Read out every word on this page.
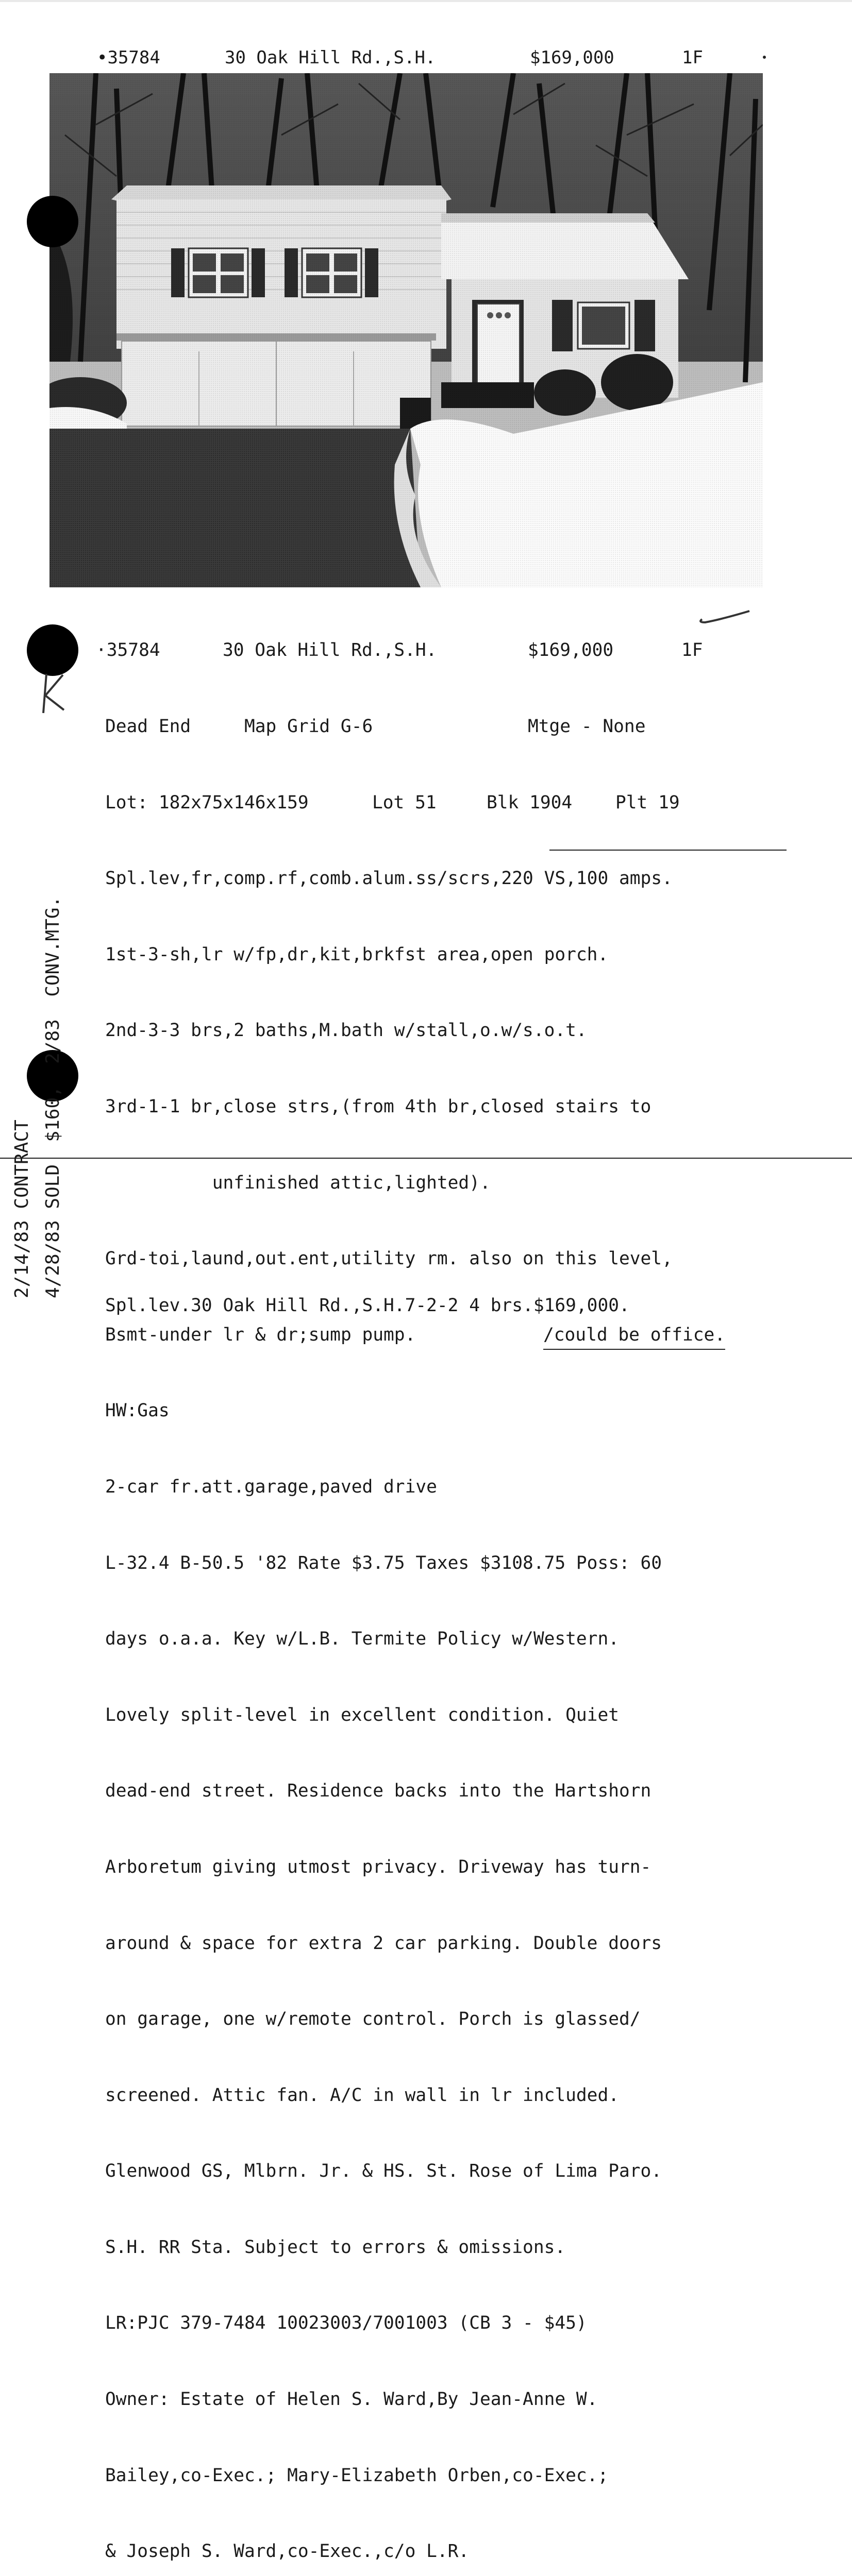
•35784

	30 Oak Hill Rd.,S.H.

	$169,000

	1F

·35784

	30 Oak Hill Rd.,S.H.

	$169,000

	1F

Dead End

	Map Grid G-6

	Mtge - None

Lot: 182x75x146x159

	Lot 51

	Blk 1904

Plt 19

Spl.lev,fr,comp.rf,comb.alum.ss/scrs,220 VS,100 amps.

1st-3-sh,lr w/fp,dr,kit,brkfst area,open porch.

2nd-3-3 brs,2 baths,M.bath w/stall,o.w/s.o.t.

3rd-1-1 br,close strs,(from 4th br,closed stairs to

unfinished attic,lighted).

Grd-toi,laund,out.ent,utility rm. also on this level,

Bsmt-under lr & dr;sump pump.

	/could be office.

HW:Gas

2-car fr.att.garage,paved drive

L-32.4 B-50.5 '82 Rate $3.75 Taxes $3108.75 Poss: 60

days o.a.a. Key w/L.B. Termite Policy w/Western.

Lovely split-level in excellent condition. Quiet

dead-end street. Residence backs into the Hartshorn

Arboretum giving utmost privacy. Driveway has turn-

around & space for extra 2 car parking. Double doors

on garage, one w/remote control. Porch is glassed/

screened. Attic fan. A/C in wall in lr included.

Glenwood GS, Mlbrn. Jr. & HS. St. Rose of Lima Paro.

S.H. RR Sta. Subject to errors & omissions.

LR:PJC 379-7484 10023003/7001003 (CB 3 - $45)

Owner: Estate of Helen S. Ward,By Jean-Anne W.

Bailey,co-Exec.; Mary-Elizabeth Orben,co-Exec.;

& Joseph S. Ward,co-Exec.,c/o L.R.

2/14/83 CONTRACT 4/28/83 SOLD  $160,  2/83  CONV.MTG.
Spl.lev.30 Oak Hill Rd.,S.H.7-2-2 4 brs.$169,000.
